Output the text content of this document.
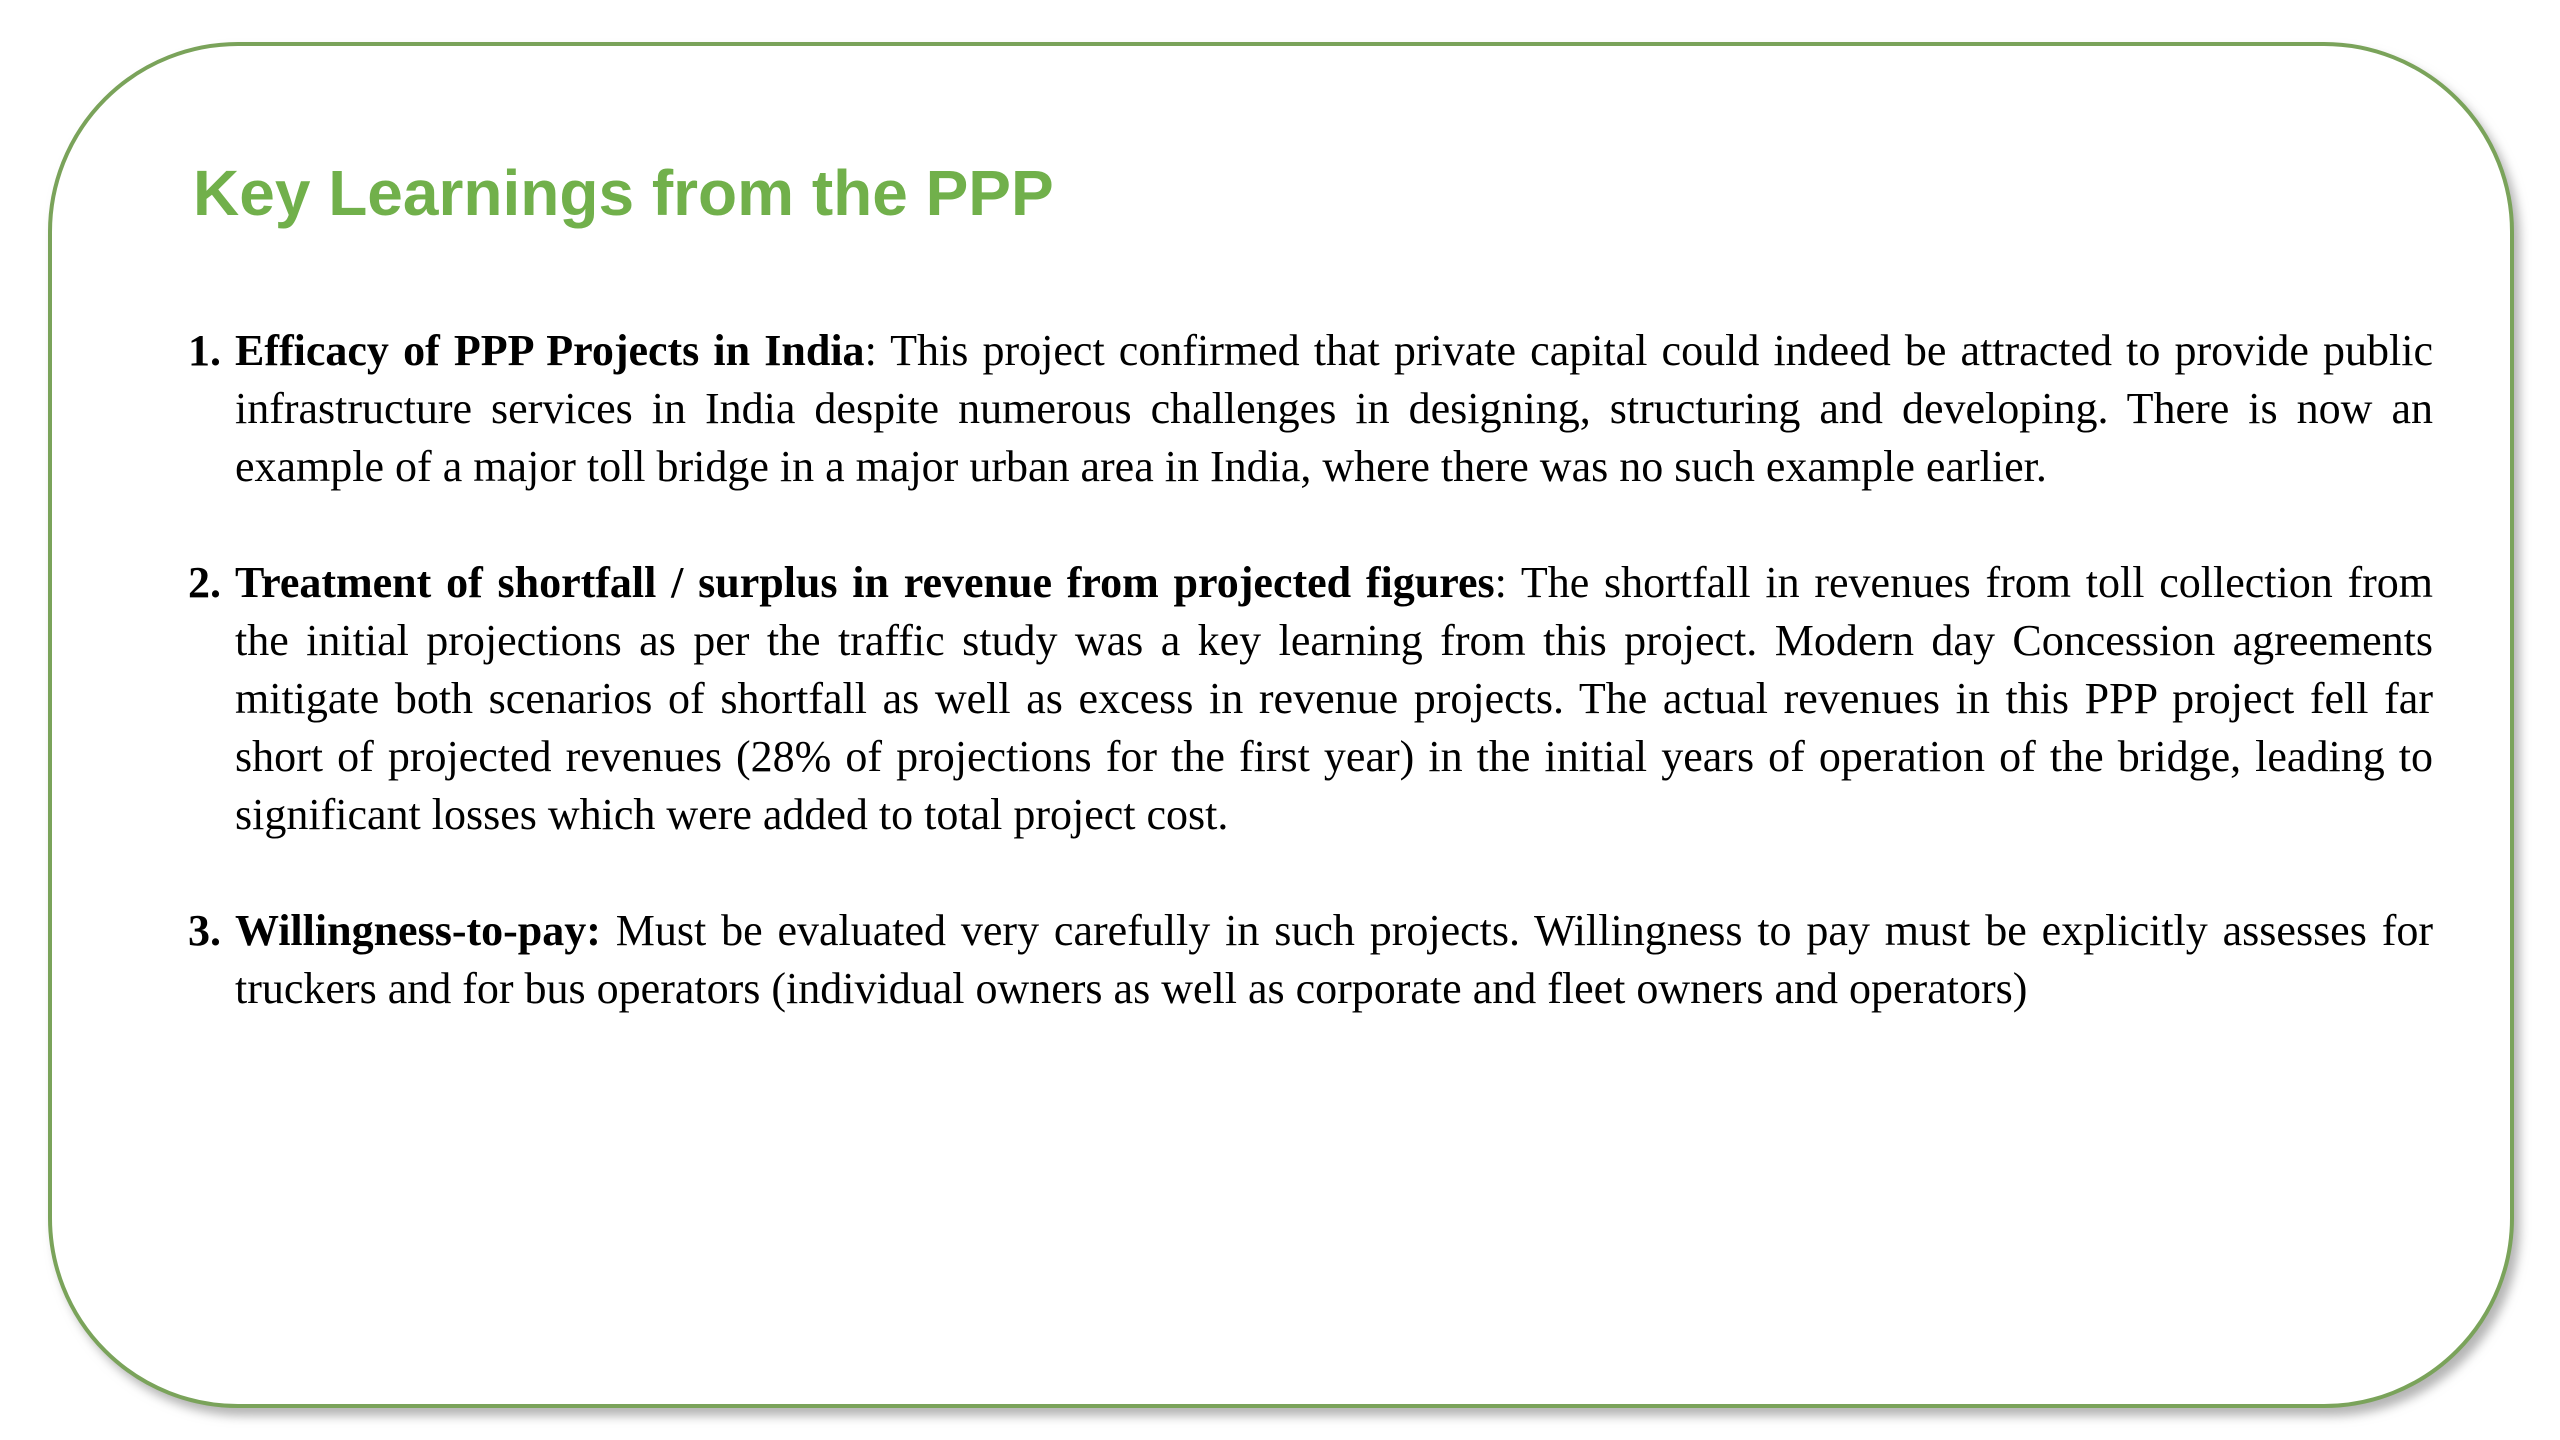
Key Learnings from the PPP
1. Efficacy of PPP Projects in India: This project confirmed that private capital could indeed be attracted to provide public infrastructure services in India despite numerous challenges in designing, structuring and developing. There is now an example of a major toll bridge in a major urban area in India, where there was no such example earlier.
2. Treatment of shortfall / surplus in revenue from projected figures: The shortfall in revenues from toll collection from the initial projections as per the traffic study was a key learning from this project. Modern day Concession agreements mitigate both scenarios of shortfall as well as excess in revenue projects. The actual revenues in this PPP project fell far short of projected revenues (28% of projections for the first year) in the initial years of operation of the bridge, leading to significant losses which were added to total project cost.
3. Willingness-to-pay: Must be evaluated very carefully in such projects. Willingness to pay must be explicitly assesses for truckers and for bus operators (individual owners as well as corporate and fleet owners and operators)
